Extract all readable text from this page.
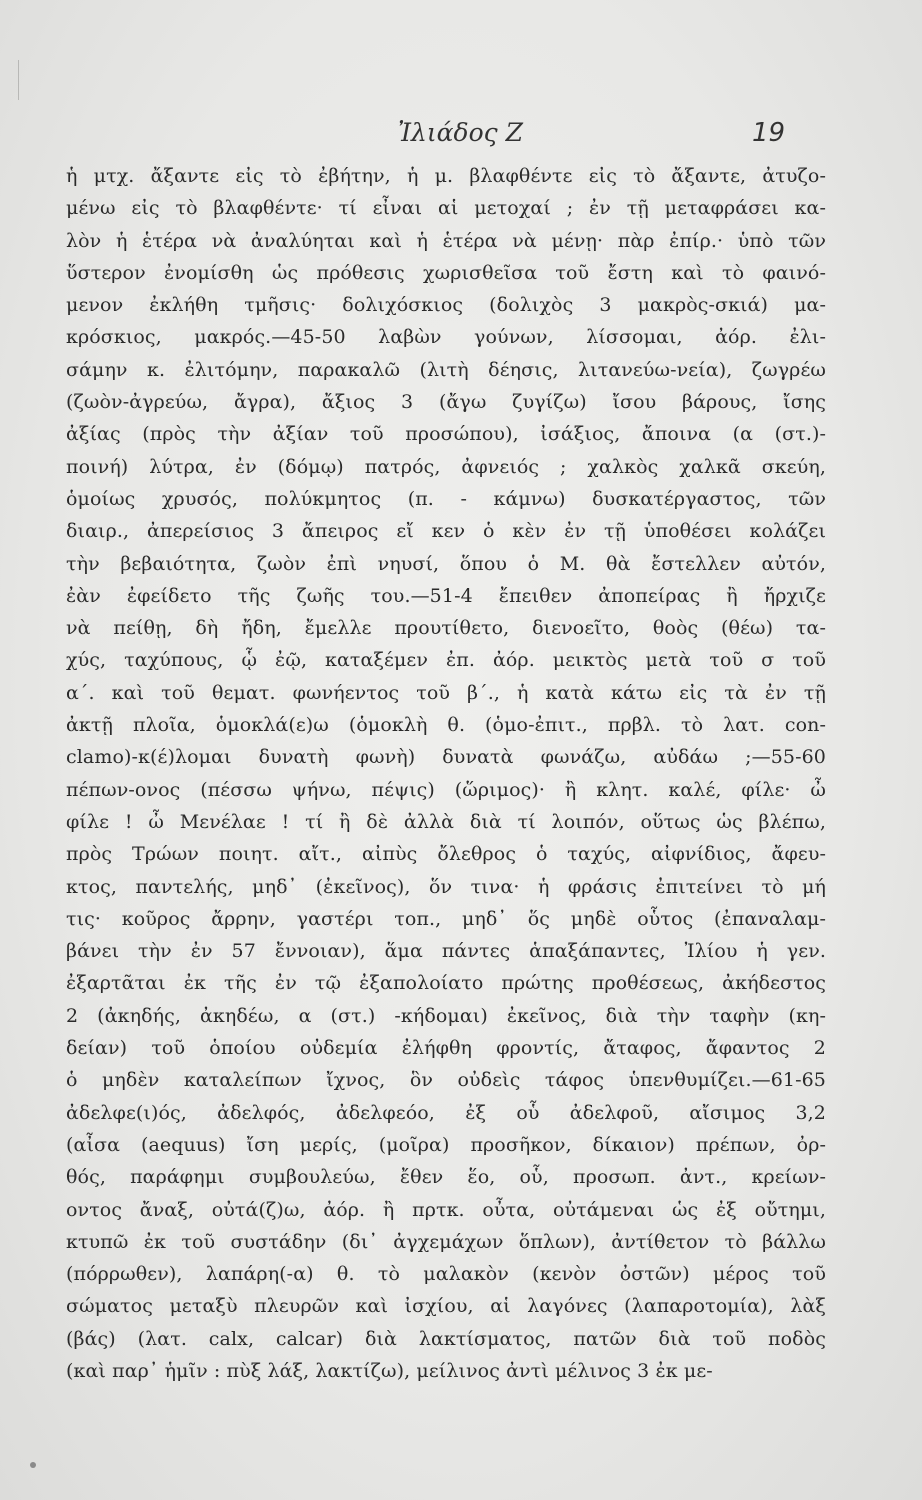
Ἰλιάδος Ζ	19
ἡ μτχ. ἄξαντε εἰς τὸ ἐβήτην, ἡ μ. βλαφθέντε εἰς τὸ ἄξαντε, ἀτυζο-
μένω εἰς τὸ βλαφθέντε· τί εἶναι αἱ μετοχαί ; ἐν τῇ μεταφράσει κα-
λὸν ἡ ἑτέρα νὰ ἀναλύηται καὶ ἡ ἑτέρα νὰ μένῃ· πὰρ ἐπίρ.· ὑπὸ τῶν
ὕστερον ἐνομίσθη ὡς πρόθεσις χωρισθεῖσα τοῦ ἔστη καὶ τὸ φαινό-
μενον ἐκλήθη τμῆσις· δολιχόσκιος (δολιχὸς 3 μακρὸς-σκιά) μα-
κρόσκιος, μακρός.—45-50 λαβὼν γούνων, λίσσομαι, ἀόρ. ἐλι-
σάμην κ. ἐλιτόμην, παρακαλῶ (λιτὴ δέησις, λιτανεύω-νεία), ζωγρέω
(ζωὸν-ἀγρεύω, ἄγρα), ἄξιος 3 (ἄγω ζυγίζω) ἴσου βάρους, ἴσης
ἀξίας (πρὸς τὴν ἀξίαν τοῦ προσώπου), ἰσάξιος, ἄποινα (α (στ.)-
ποινή) λύτρα, ἐν (δόμῳ) πατρός, ἀφνειός ; χαλκὸς χαλκᾶ σκεύη,
ὁμοίως χρυσός, πολύκμητος (π. - κάμνω) δυσκατέργαστος, τῶν
διαιρ., ἀπερείσιος 3 ἄπειρος εἴ κεν ὁ κὲν ἐν τῇ ὑποθέσει κολάζει
τὴν βεβαιότητα, ζωὸν ἐπὶ νηυσί, ὅπου ὁ Μ. θὰ ἔστελλεν αὐτόν,
ἐὰν ἐφείδετο τῆς ζωῆς του.—51-4 ἔπειθεν ἀποπείρας ἢ ἤρχιζε
νὰ πείθῃ, δὴ ἤδη, ἔμελλε προυτίθετο, διενοεῖτο, θοὸς (θέω) τα-
χύς, ταχύπους, ᾧ ἐῷ, καταξέμεν ἐπ. ἀόρ. μεικτὸς μετὰ τοῦ σ τοῦ
α΄. καὶ τοῦ θεματ. φωνήεντος τοῦ β΄., ἡ κατὰ κάτω εἰς τὰ ἐν τῇ
ἀκτῇ πλοῖα, ὁμοκλά(ε)ω (ὁμοκλὴ θ. (ὁμο-ἐπιτ., πρβλ. τὸ λατ. con-
clamo)-κ(έ)λομαι δυνατὴ φωνὴ) δυνατὰ φωνάζω, αὐδάω ;—55-60
πέπων-ονος (πέσσω ψήνω, πέψις) (ὥριμος)· ἢ κλητ. καλέ, φίλε· ὦ
φίλε ! ὦ Μενέλαε ! τί ἢ δὲ ἀλλὰ διὰ τί λοιπόν, οὕτως ὡς βλέπω,
πρὸς Τρώων ποιητ. αἴτ., αἰπὺς ὄλεθρος ὁ ταχύς, αἰφνίδιος, ἄφευ-
κτος, παντελής, μηδ᾽ (ἐκεῖνος), ὅν τινα· ἡ φράσις ἐπιτείνει τὸ μή
τις· κοῦρος ἄρρην, γαστέρι τοπ., μηδ᾽ ὅς μηδὲ οὗτος (ἐπαναλαμ-
βάνει τὴν ἐν 57 ἔννοιαν), ἅμα πάντες ἁπαξάπαντες, Ἰλίου ἡ γεν.
ἐξαρτᾶται ἐκ τῆς ἐν τῷ ἐξαπολοίατο πρώτης προθέσεως, ἀκήδεστος
2 (ἀκηδής, ἀκηδέω, α (στ.) -κήδομαι) ἐκεῖνος, διὰ τὴν ταφὴν (κη-
δείαν) τοῦ ὁποίου οὐδεμία ἐλήφθη φροντίς, ἄταφος, ἄφαντος 2
ὁ μηδὲν καταλείπων ἴχνος, ὃν οὐδεὶς τάφος ὑπενθυμίζει.—61-65
ἀδελφε(ι)ός, ἀδελφός, ἀδελφεόο, ἐξ οὗ ἀδελφοῦ, αἴσιμος 3,2
(αἶσα (aequus) ἴση μερίς, (μοῖρα) προσῆκον, δίκαιον) πρέπων, ὀρ-
θός, παράφημι συμβουλεύω, ἔθεν ἕο, οὗ, προσωπ. ἀντ., κρείων-
οντος ἄναξ, οὐτά(ζ)ω, ἀόρ. ἢ πρτκ. οὖτα, οὐτάμεναι ὡς ἐξ οὔτημι,
κτυπῶ ἐκ τοῦ συστάδην (δι᾽ ἀγχεμάχων ὅπλων), ἀντίθετον τὸ βάλλω
(πόρρωθεν), λαπάρη(-α) θ. τὸ μαλακὸν (κενὸν ὀστῶν) μέρος τοῦ
σώματος μεταξὺ πλευρῶν καὶ ἰσχίου, αἱ λαγόνες (λαπαροτομία), λὰξ
(βάς) (λατ. calx, calcar) διὰ λακτίσματος, πατῶν διὰ τοῦ ποδὸς
(καὶ παρ᾽ ἡμῖν : πὺξ λάξ, λακτίζω), μείλινος ἀντὶ μέλινος 3 ἐκ με-
